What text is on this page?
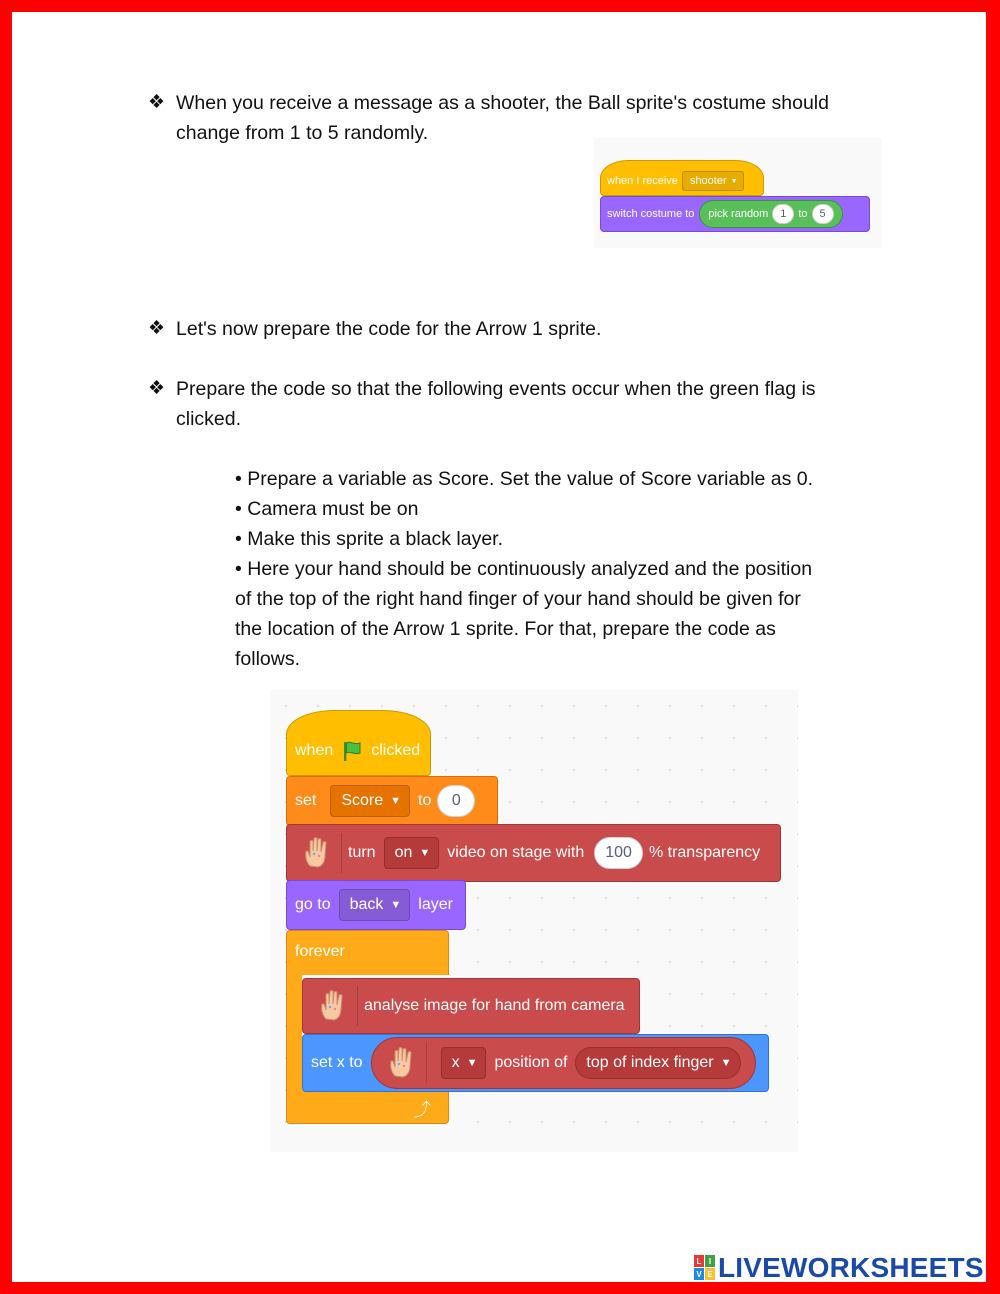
❖ When you receive a message as a shooter, the Ball sprite's costume should
change from 1 to 5 randomly.
when I receive shooter ▼
switch costume to pick random	1	to	5
❖ Let's now prepare the code for the Arrow 1 sprite.
❖ Prepare the code so that the following events occur when the green flag is
clicked.
• Prepare a variable as Score. Set the value of Score variable as 0.
• Camera must be on
• Make this sprite a black layer.
• Here your hand should be continuously analyzed and the position
of the top of the right hand finger of your hand should be given for
the location of the Arrow 1 sprite. For that, prepare the code as
follows.
when clicked
set Score ▼ to	0
turn on ▼ video on stage with	100	% transparency
go to back ▼ layer
forever
⤴
analyse image for hand from camera
set x to	x ▼ position of top of index finger ▼
L I
V E LIVEWORKSHEETS
